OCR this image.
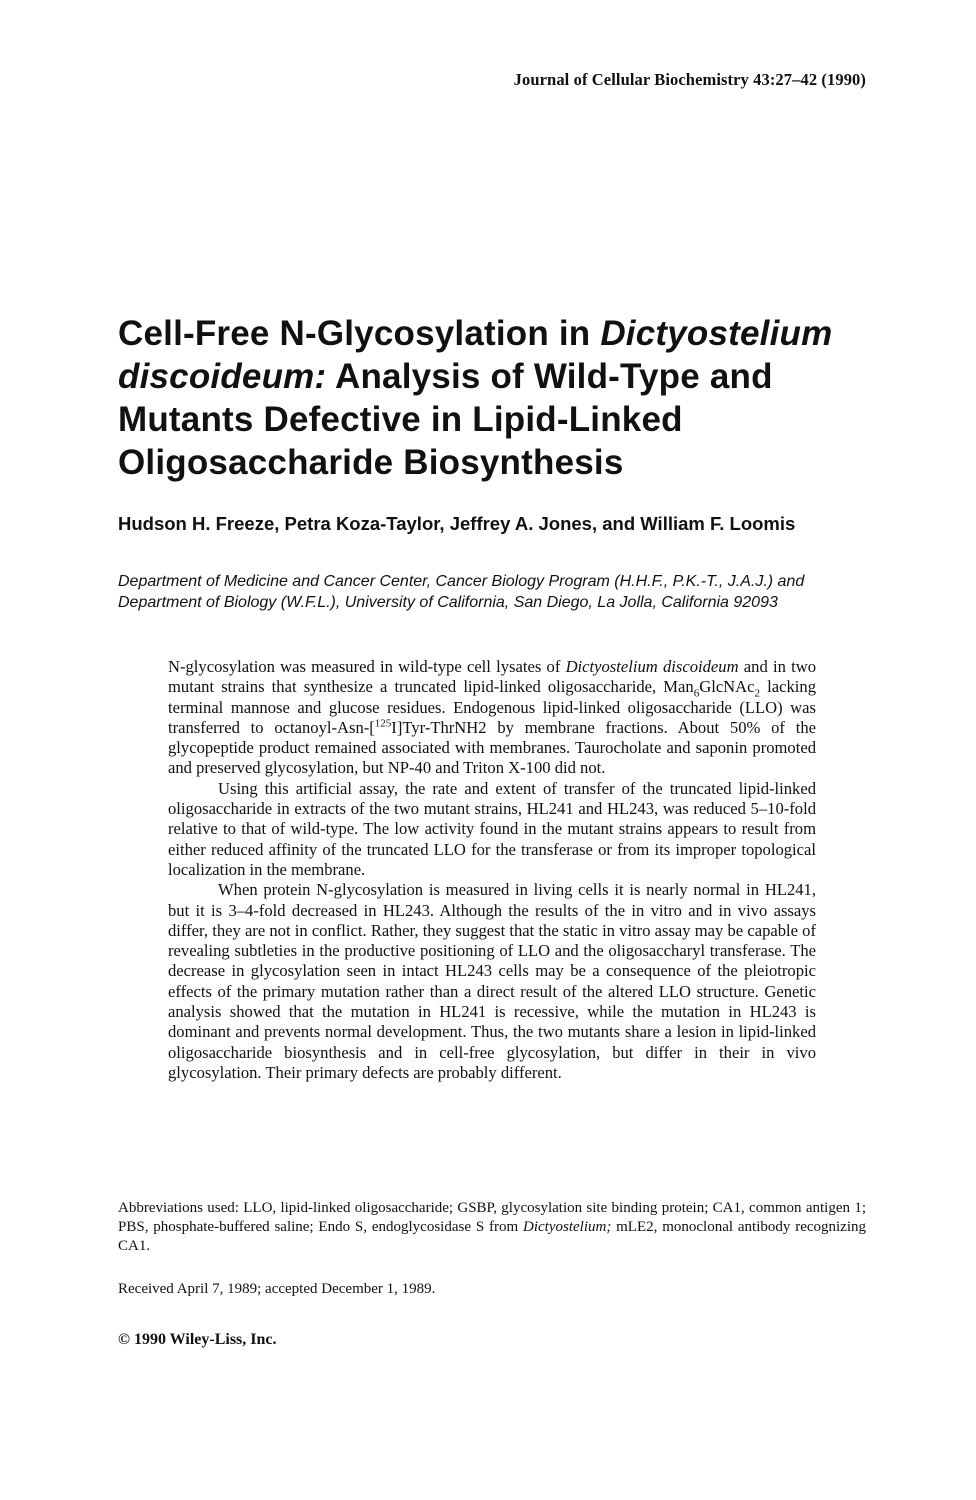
Journal of Cellular Biochemistry 43:27–42 (1990)
Cell-Free N-Glycosylation in Dictyostelium discoideum: Analysis of Wild-Type and Mutants Defective in Lipid-Linked Oligosaccharide Biosynthesis
Hudson H. Freeze, Petra Koza-Taylor, Jeffrey A. Jones, and William F. Loomis
Department of Medicine and Cancer Center, Cancer Biology Program (H.H.F., P.K.-T., J.A.J.) and Department of Biology (W.F.L.), University of California, San Diego, La Jolla, California 92093

N-glycosylation was measured in wild-type cell lysates of Dictyostelium discoideum and in two mutant strains that synthesize a truncated lipid-linked oligosaccharide, Man$_6$GlcNAc$_2$ lacking terminal mannose and glucose residues. Endogenous lipid-linked oligosaccharide (LLO) was transferred to octanoyl-Asn-[$^{125}$I]Tyr-ThrNH2 by membrane fractions. About 50% of the glycopeptide product remained associated with membranes. Taurocholate and saponin promoted and preserved glycosylation, but NP-40 and Triton X-100 did not.

Using this artificial assay, the rate and extent of transfer of the truncated lipid-linked oligosaccharide in extracts of the two mutant strains, HL241 and HL243, was reduced 5–10-fold relative to that of wild-type. The low activity found in the mutant strains appears to result from either reduced affinity of the truncated LLO for the transferase or from its improper topological localization in the membrane.

When protein N-glycosylation is measured in living cells it is nearly normal in HL241, but it is 3–4-fold decreased in HL243. Although the results of the in vitro and in vivo assays differ, they are not in conflict. Rather, they suggest that the static in vitro assay may be capable of revealing subtleties in the productive positioning of LLO and the oligosaccharyl transferase. The decrease in glycosylation seen in intact HL243 cells may be a consequence of the pleiotropic effects of the primary mutation rather than a direct result of the altered LLO structure. Genetic analysis showed that the mutation in HL241 is recessive, while the mutation in HL243 is dominant and prevents normal development. Thus, the two mutants share a lesion in lipid-linked oligosaccharide biosynthesis and in cell-free glycosylation, but differ in their in vivo glycosylation. Their primary defects are probably different.

Abbreviations used: LLO, lipid-linked oligosaccharide; GSBP, glycosylation site binding protein; CA1, common antigen 1; PBS, phosphate-buffered saline; Endo S, endoglycosidase S from Dictyostelium; mLE2, monoclonal antibody recognizing CA1.
Received April 7, 1989; accepted December 1, 1989.
© 1990 Wiley-Liss, Inc.
